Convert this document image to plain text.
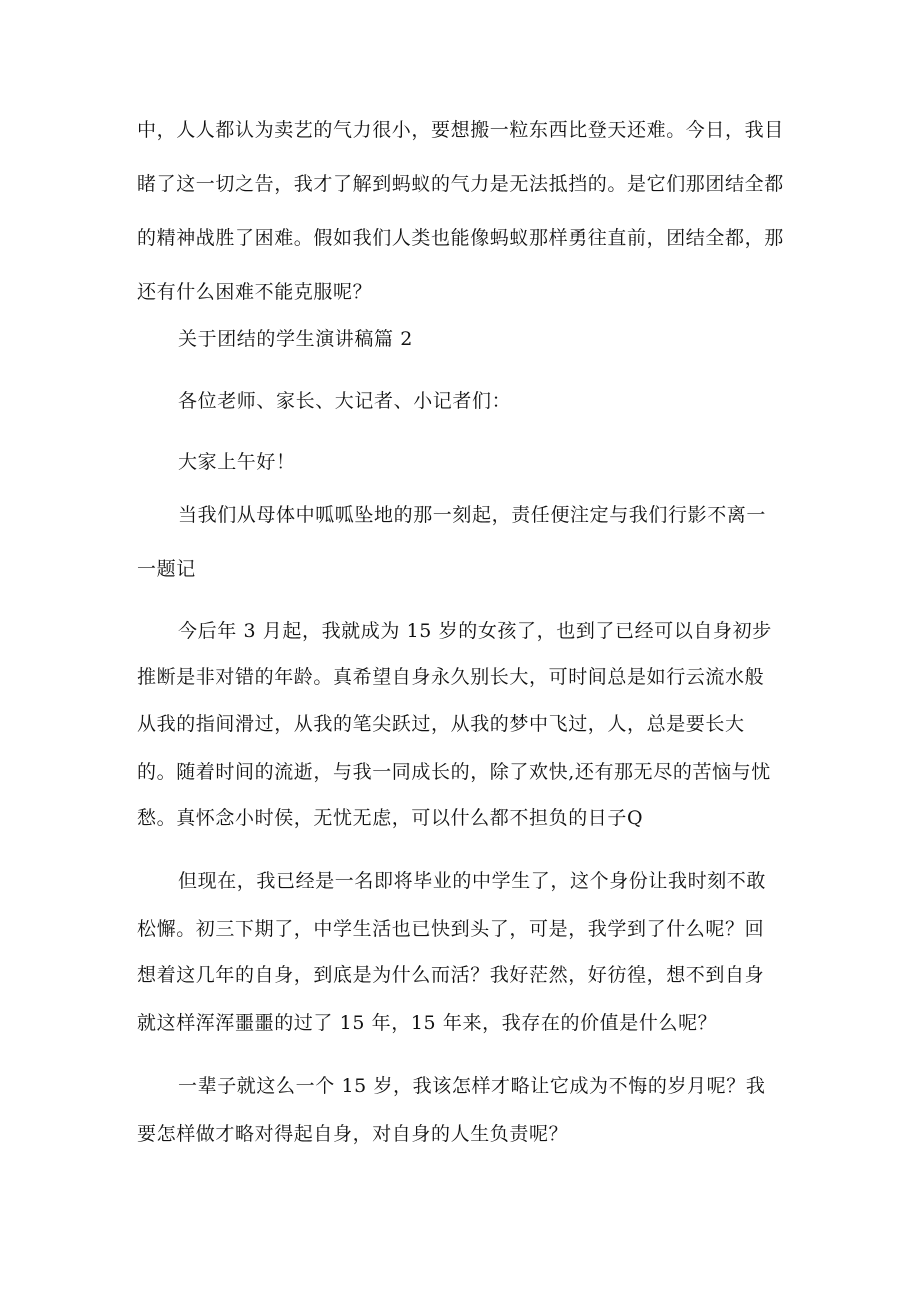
中，人人都认为卖艺的气力很小，要想搬一粒东西比登天还难。今日，我目
睹了这一切之告，我才了解到蚂蚁的气力是无法抵挡的。是它们那团结全都
的精神战胜了困难。假如我们人类也能像蚂蚁那样勇往直前，团结全都，那
还有什么困难不能克服呢？
关于团结的学生演讲稿篇 2
各位老师、家长、大记者、小记者们：
大家上午好！
当我们从母体中呱呱坠地的那一刻起，责任便注定与我们行影不离一
一题记
今后年 3 月起，我就成为 15 岁的女孩了，也到了已经可以自身初步
推断是非对错的年龄。真希望自身永久别长大，可时间总是如行云流水般
从我的指间滑过，从我的笔尖跃过，从我的梦中飞过，人，总是要长大
的。随着时间的流逝，与我一同成长的，除了欢快,还有那无尽的苦恼与忧
愁。真怀念小时侯，无忧无虑，可以什么都不担负的日子Q
但现在，我已经是一名即将毕业的中学生了，这个身份让我时刻不敢
松懈。初三下期了，中学生活也已快到头了，可是，我学到了什么呢？回
想着这几年的自身，到底是为什么而活？我好茫然，好彷徨，想不到自身
就这样浑浑噩噩的过了 15 年，15 年来，我存在的价值是什么呢？
一辈子就这么一个 15 岁，我该怎样才略让它成为不悔的岁月呢？我
要怎样做才略对得起自身，对自身的人生负责呢？
